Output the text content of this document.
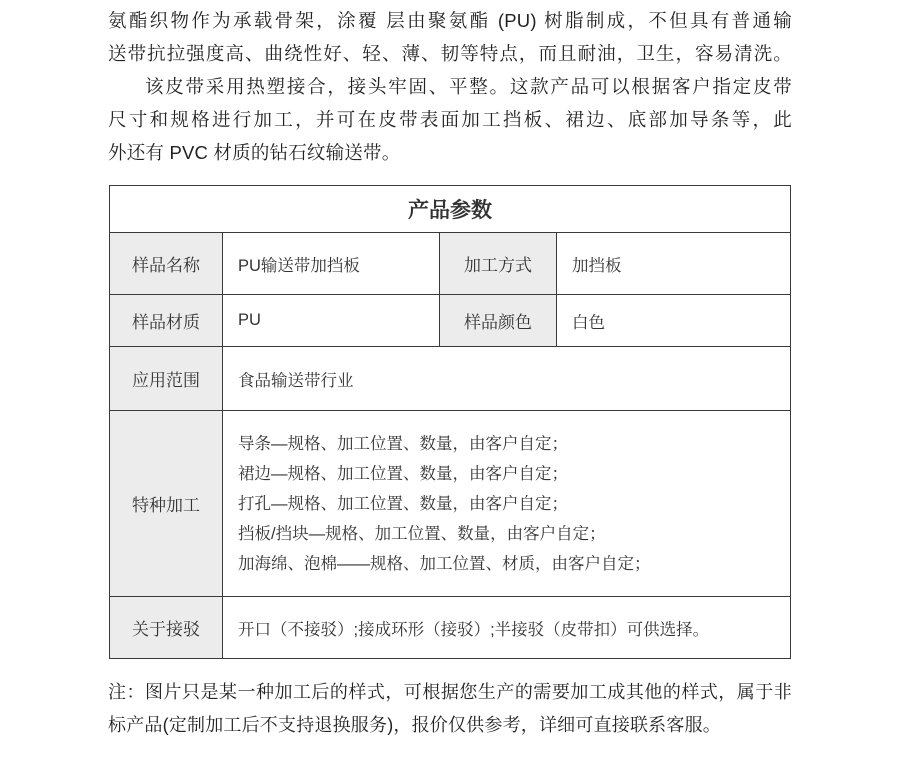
氨酯织物作为承载骨架，涂覆 层由聚氨酯 (PU) 树脂制成，不但具有普通输
送带抗拉强度高、曲绕性好、轻、薄、韧等特点，而且耐油，卫生，容易清洗。
该皮带采用热塑接合，接头牢固、平整。这款产品可以根据客户指定皮带
尺寸和规格进行加工，并可在皮带表面加工挡板、裙边、底部加导条等，此
外还有 PVC 材质的钻石纹输送带。
产品参数			
样品名称	PU输送带加挡板	加工方式	加挡板
样品材质	PU	样品颜色	白色
应用范围	食品输送带行业		
特种加工	导条—规格、加工位置、数量，由客户自定；
裙边—规格、加工位置、数量，由客户自定；
打孔—规格、加工位置、数量，由客户自定；
挡板/挡块—规格、加工位置、数量，由客户自定；
加海绵、泡棉——规格、加工位置、材质，由客户自定；		

关于接驳	开口（不接驳）;接成环形（接驳）;半接驳（皮带扣）可供选择。		
注：图片只是某一种加工后的样式，可根据您生产的需要加工成其他的样式，属于非
标产品(定制加工后不支持退换服务)，报价仅供参考，详细可直接联系客服。
